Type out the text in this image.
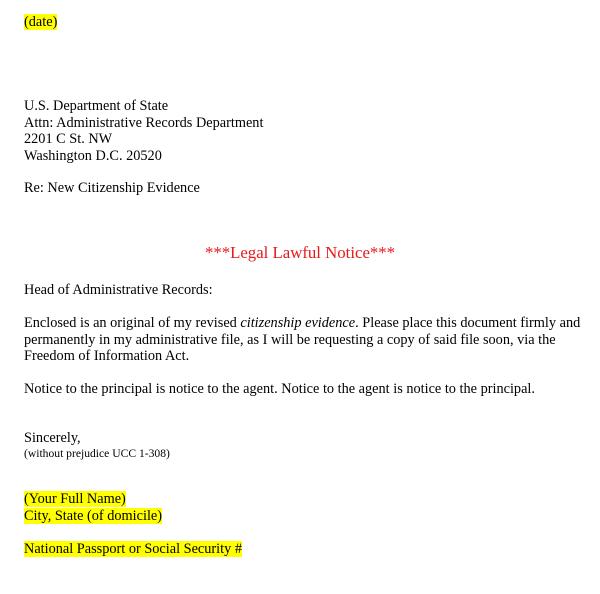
(date)
U.S. Department of State
Attn: Administrative Records Department
2201 C St. NW
Washington D.C. 20520
Re: New Citizenship Evidence
***Legal Lawful Notice***
Head of Administrative Records:
Enclosed is an original of my revised citizenship evidence. Please place this document firmly and
permanently in my administrative file, as I will be requesting a copy of said file soon, via the
Freedom of Information Act.
Notice to the principal is notice to the agent. Notice to the agent is notice to the principal.
Sincerely,
(without prejudice UCC 1-308)
(Your Full Name)
City, State (of domicile)
National Passport or Social Security #
